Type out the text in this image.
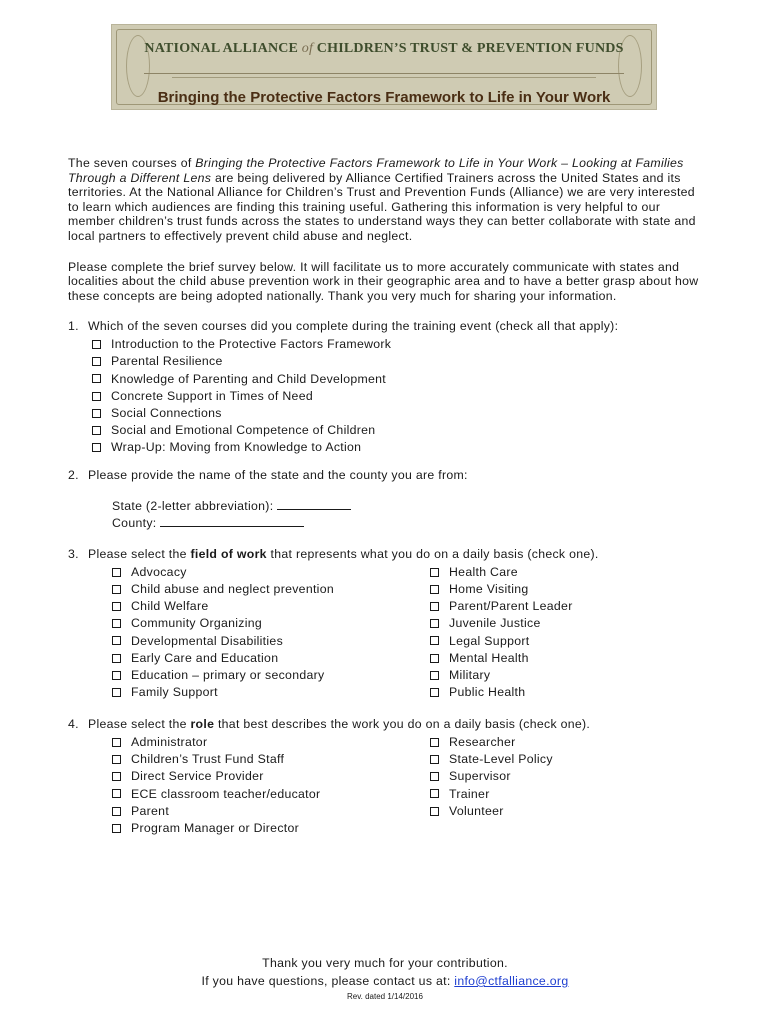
NATIONAL ALLIANCE of CHILDREN’S TRUST & PREVENTION FUNDS
Bringing the Protective Factors Framework to Life in Your Work

The seven courses of Bringing the Protective Factors Framework to Life in Your Work – Looking at Families Through a Different Lens are being delivered by Alliance Certified Trainers across the United States and its territories. At the National Alliance for Children’s Trust and Prevention Funds (Alliance) we are very interested to learn which audiences are finding this training useful. Gathering this information is very helpful to our member children’s trust funds across the states to understand ways they can better collaborate with state and local partners to effectively prevent child abuse and neglect.

Please complete the brief survey below. It will facilitate us to more accurately communicate with states and localities about the child abuse prevention work in their geographic area and to have a better grasp about how these concepts are being adopted nationally. Thank you very much for sharing your information.

1. Which of the seven courses did you complete during the training event (check all that apply):
Introduction to the Protective Factors Framework
Parental Resilience
Knowledge of Parenting and Child Development
Concrete Support in Times of Need
Social Connections
Social and Emotional Competence of Children
Wrap-Up: Moving from Knowledge to Action
2. Please provide the name of the state and the county you are from:
State (2-letter abbreviation):
County:
3. Please select the field of work that represents what you do on a daily basis (check one).
Advocacy
Child abuse and neglect prevention
Child Welfare
Community Organizing
Developmental Disabilities
Early Care and Education
Education – primary or secondary
Family Support
Health Care
Home Visiting
Parent/Parent Leader
Juvenile Justice
Legal Support
Mental Health
Military
Public Health
4. Please select the role that best describes the work you do on a daily basis (check one).
Administrator
Children’s Trust Fund Staff
Direct Service Provider
ECE classroom teacher/educator
Parent
Program Manager or Director
Researcher
State-Level Policy
Supervisor
Trainer
Volunteer
Thank you very much for your contribution.
If you have questions, please contact us at: info@ctfalliance.org
Rev. dated 1/14/2016
